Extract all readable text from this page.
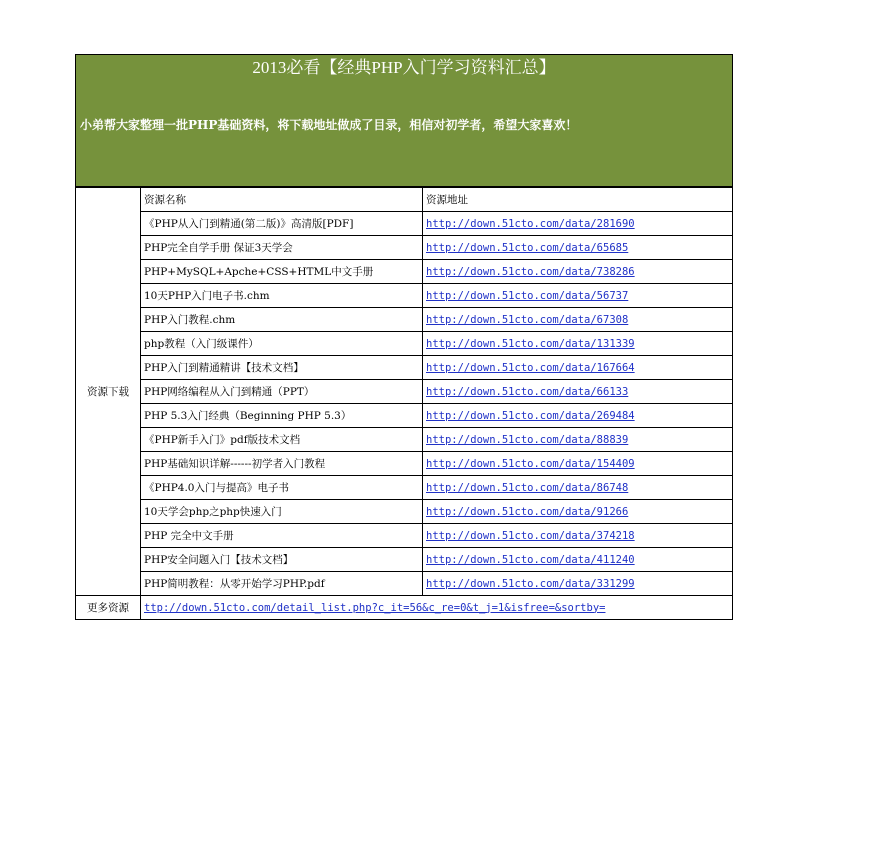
2013必看【经典PHP入门学习资料汇总】
小弟帮大家整理一批PHP基础资料，将下载地址做成了目录，相信对初学者，希望大家喜欢！
资源下载	资源名称	资源地址
	《PHP从入门到精通(第二版)》高清版[PDF]	http://down.51cto.com/data/281690
	PHP完全自学手册 保证3天学会	http://down.51cto.com/data/65685
	PHP+MySQL+Apche+CSS+HTML中文手册	http://down.51cto.com/data/738286
	10天PHP入门电子书.chm	http://down.51cto.com/data/56737
	PHP入门教程.chm	http://down.51cto.com/data/67308
	php教程（入门级课件）	http://down.51cto.com/data/131339
	PHP入门到精通精讲【技术文档】	http://down.51cto.com/data/167664
	PHP网络编程从入门到精通（PPT）	http://down.51cto.com/data/66133
	PHP 5.3入门经典（Beginning PHP 5.3）	http://down.51cto.com/data/269484
	《PHP新手入门》pdf版技术文档	http://down.51cto.com/data/88839
	PHP基础知识详解------初学者入门教程	http://down.51cto.com/data/154409
	《PHP4.0入门与提高》电子书	http://down.51cto.com/data/86748
	10天学会php之php快速入门	http://down.51cto.com/data/91266
	PHP 完全中文手册	http://down.51cto.com/data/374218
	PHP安全问题入门【技术文档】	http://down.51cto.com/data/411240
	PHP简明教程：从零开始学习PHP.pdf	http://down.51cto.com/data/331299
更多资源	ttp://down.51cto.com/detail_list.php?c_it=56&c_re=0&t_j=1&isfree=&sortby=	
